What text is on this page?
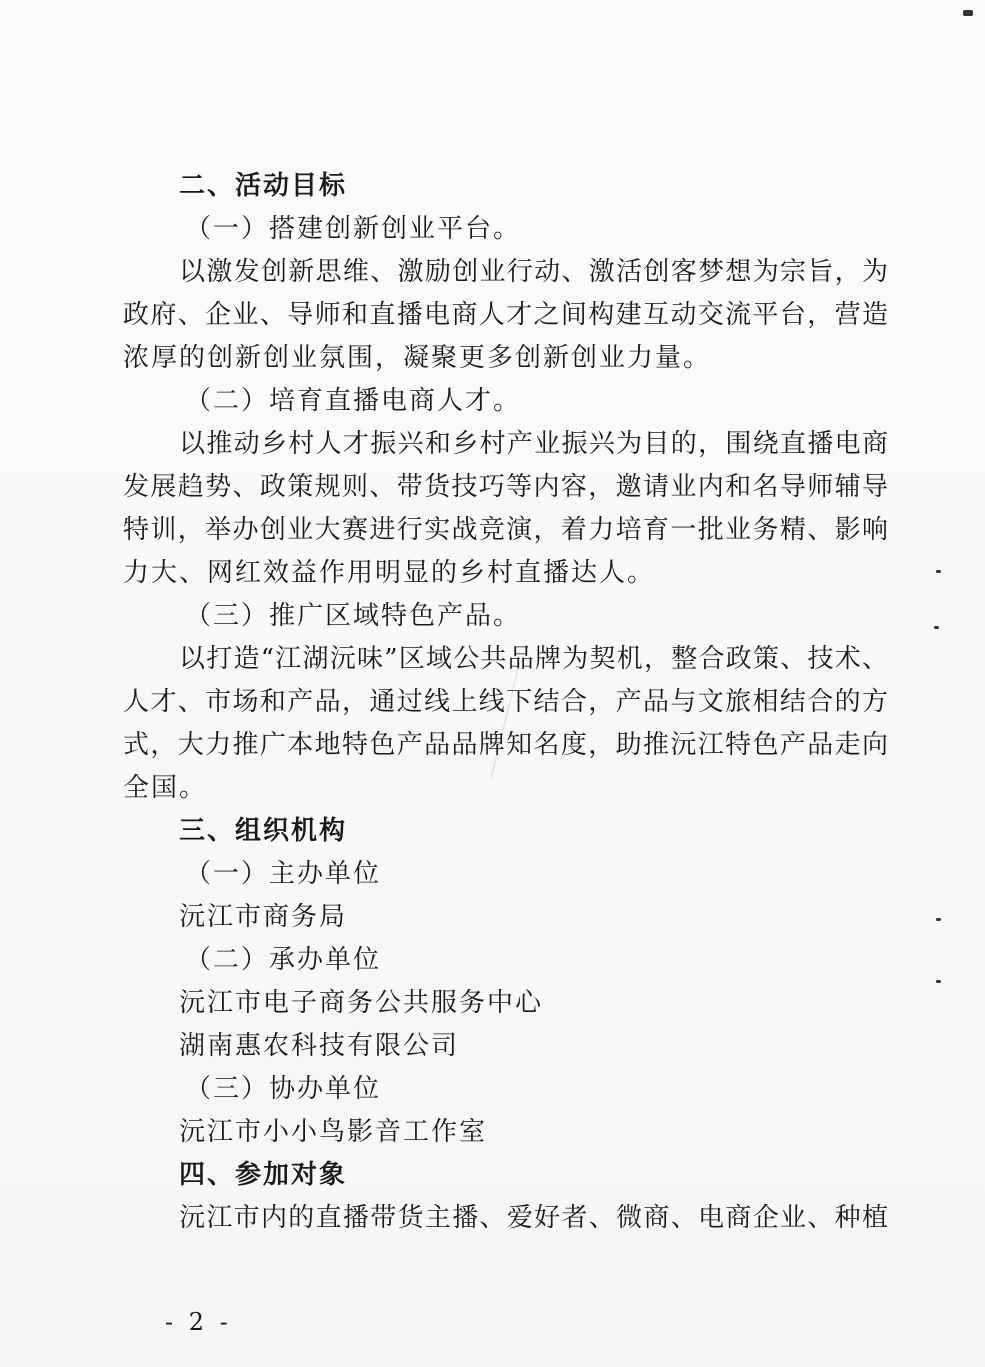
二、活动目标
（一）搭建创新创业平台。
以激发创新思维、激励创业行动、激活创客梦想为宗旨，为
政府、企业、导师和直播电商人才之间构建互动交流平台，营造
浓厚的创新创业氛围，凝聚更多创新创业力量。
（二）培育直播电商人才。
以推动乡村人才振兴和乡村产业振兴为目的，围绕直播电商
发展趋势、政策规则、带货技巧等内容，邀请业内和名导师辅导
特训，举办创业大赛进行实战竞演，着力培育一批业务精、影响
力大、网红效益作用明显的乡村直播达人。
（三）推广区域特色产品。
以打造“江湖沅味”区域公共品牌为契机，整合政策、技术、
人才、市场和产品，通过线上线下结合，产品与文旅相结合的方
式，大力推广本地特色产品品牌知名度，助推沅江特色产品走向
全国。
三、组织机构
（一）主办单位
沅江市商务局
（二）承办单位
沅江市电子商务公共服务中心
湖南惠农科技有限公司
（三）协办单位
沅江市小小鸟影音工作室
四、参加对象
沅江市内的直播带货主播、爱好者、微商、电商企业、种植
- 2 -
